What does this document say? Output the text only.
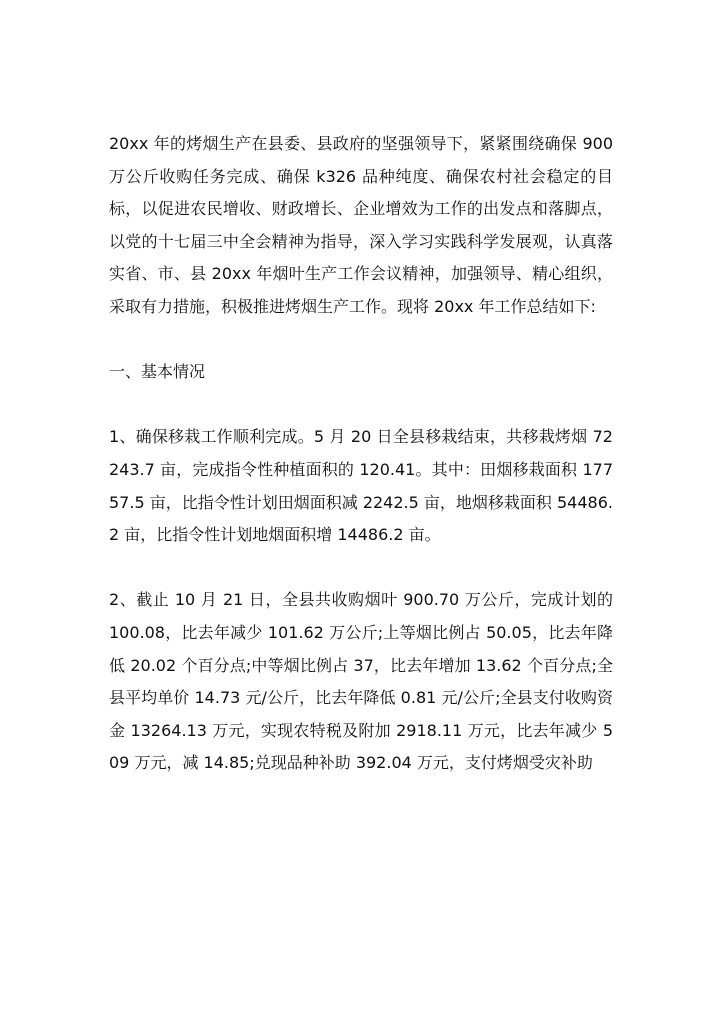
20xx 年的烤烟生产在县委、县政府的坚强领导下，紧紧围绕确保 900 万公斤收购任务完成、确保 k326 品种纯度、确保农村社会稳定的目标，以促进农民增收、财政增长、企业增效为工作的出发点和落脚点，以党的十七届三中全会精神为指导，深入学习实践科学发展观，认真落实省、市、县 20xx 年烟叶生产工作会议精神，加强领导、精心组织，采取有力措施，积极推进烤烟生产工作。现将 20xx 年工作总结如下:

一、基本情况

1、确保移栽工作顺利完成。5 月 20 日全县移栽结束，共移栽烤烟 72243.7 亩，完成指令性种植面积的 120.41。其中：田烟移栽面积 17757.5 亩，比指令性计划田烟面积减 2242.5 亩，地烟移栽面积 54486.2 亩，比指令性计划地烟面积增 14486.2 亩。

2、截止 10 月 21 日，全县共收购烟叶 900.70 万公斤，完成计划的 100.08，比去年减少 101.62 万公斤;上等烟比例占 50.05，比去年降低 20.02 个百分点;中等烟比例占 37，比去年增加 13.62 个百分点;全县平均单价 14.73 元/公斤，比去年降低 0.81 元/公斤;全县支付收购资金 13264.13 万元，实现农特税及附加 2918.11 万元，比去年减少 509 万元，减 14.85;兑现品种补助 392.04 万元，支付烤烟受灾补助
